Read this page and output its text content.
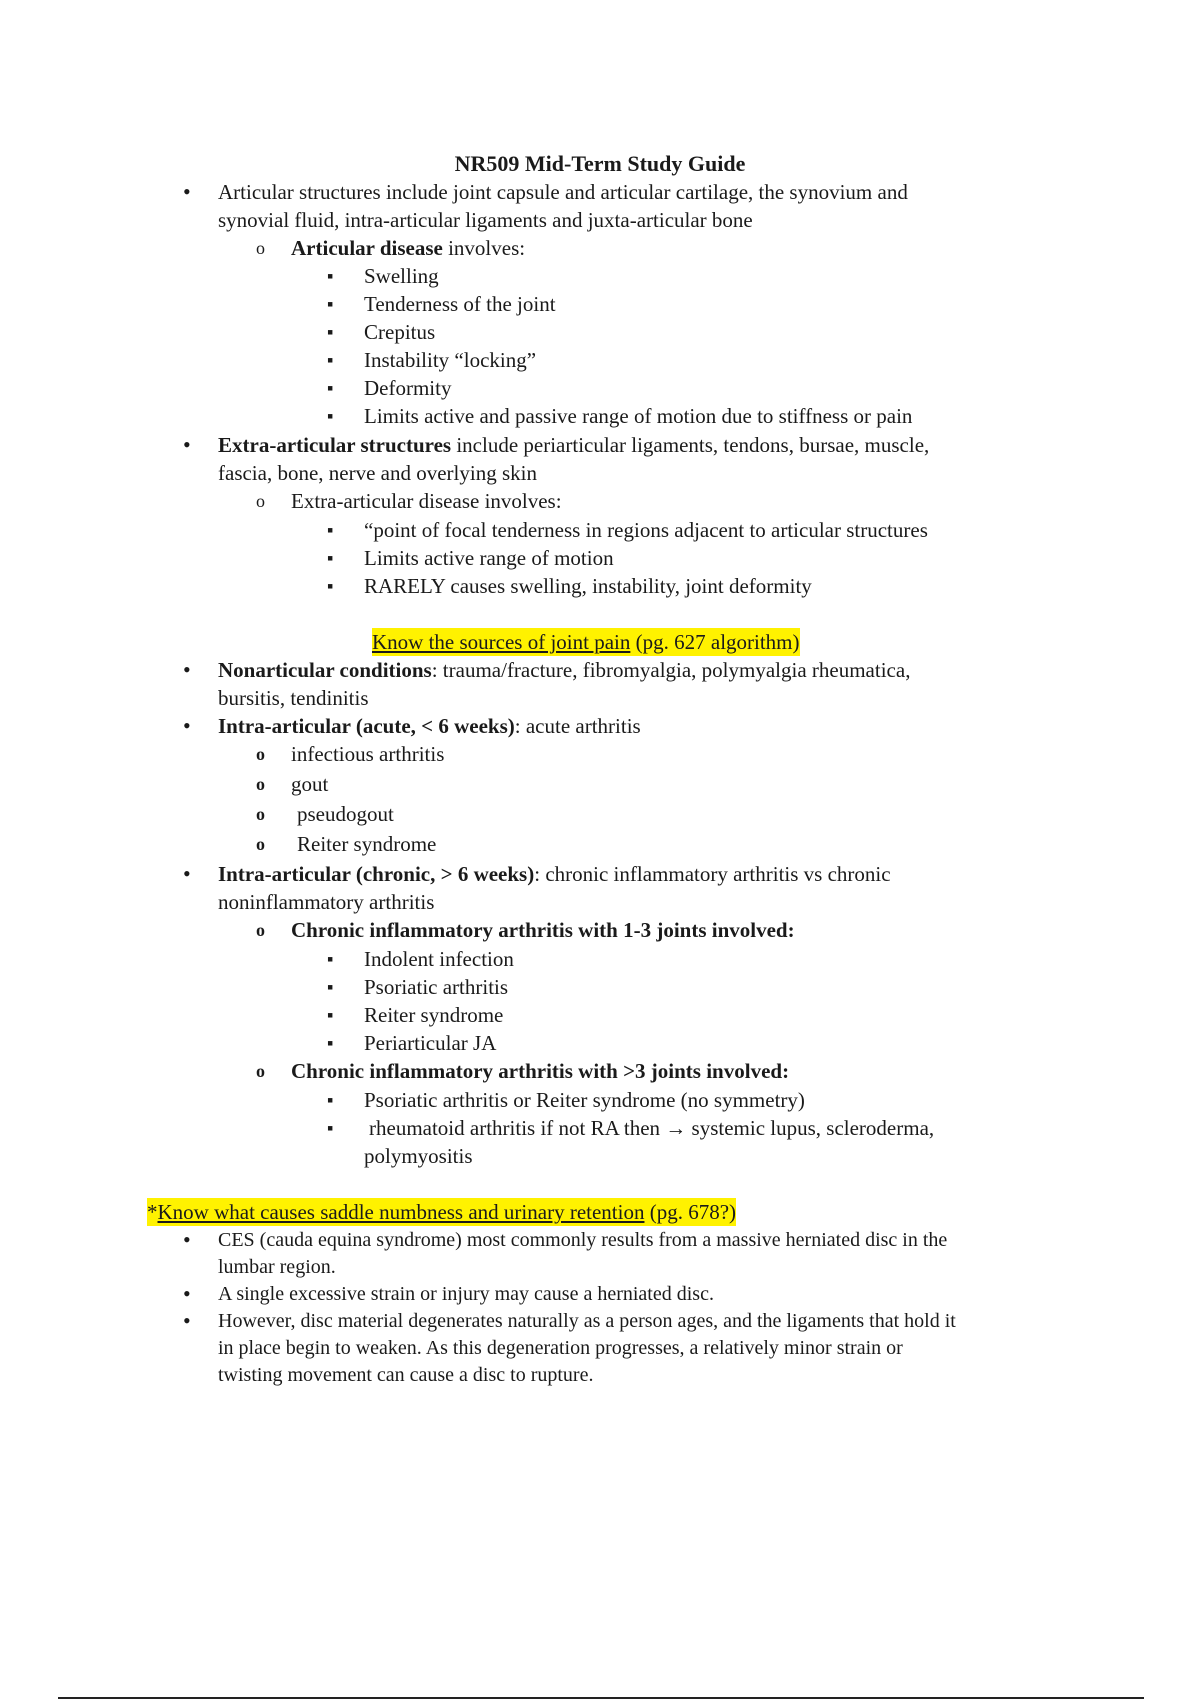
NR509 Mid-Term Study Guide
• Articular structures include joint capsule and articular cartilage, the synovium and
synovial fluid, intra-articular ligaments and juxta-articular bone
o Articular disease involves:
▪ Swelling
▪ Tenderness of the joint
▪ Crepitus
▪ Instability “locking”
▪ Deformity
▪ Limits active and passive range of motion due to stiffness or pain
• Extra-articular structures include periarticular ligaments, tendons, bursae, muscle,
fascia, bone, nerve and overlying skin
o Extra-articular disease involves:
▪ “point of focal tenderness in regions adjacent to articular structures
▪ Limits active range of motion
▪ RARELY causes swelling, instability, joint deformity
Know the sources of joint pain (pg. 627 algorithm)
• Nonarticular conditions: trauma/fracture, fibromyalgia, polymyalgia rheumatica,
bursitis, tendinitis
• Intra-articular (acute, < 6 weeks): acute arthritis
o infectious arthritis
o gout
o pseudogout
o Reiter syndrome
• Intra-articular (chronic, > 6 weeks): chronic inflammatory arthritis vs chronic
noninflammatory arthritis
o Chronic inflammatory arthritis with 1-3 joints involved:
▪ Indolent infection
▪ Psoriatic arthritis
▪ Reiter syndrome
▪ Periarticular JA
o Chronic inflammatory arthritis with >3 joints involved:
▪ Psoriatic arthritis or Reiter syndrome (no symmetry)
▪ rheumatoid arthritis if not RA then → systemic lupus, scleroderma,
polymyositis
*Know what causes saddle numbness and urinary retention (pg. 678?)
• CES (cauda equina syndrome) most commonly results from a massive herniated disc in the
lumbar region.
• A single excessive strain or injury may cause a herniated disc.
• However, disc material degenerates naturally as a person ages, and the ligaments that hold it
in place begin to weaken. As this degeneration progresses, a relatively minor strain or
twisting movement can cause a disc to rupture.
